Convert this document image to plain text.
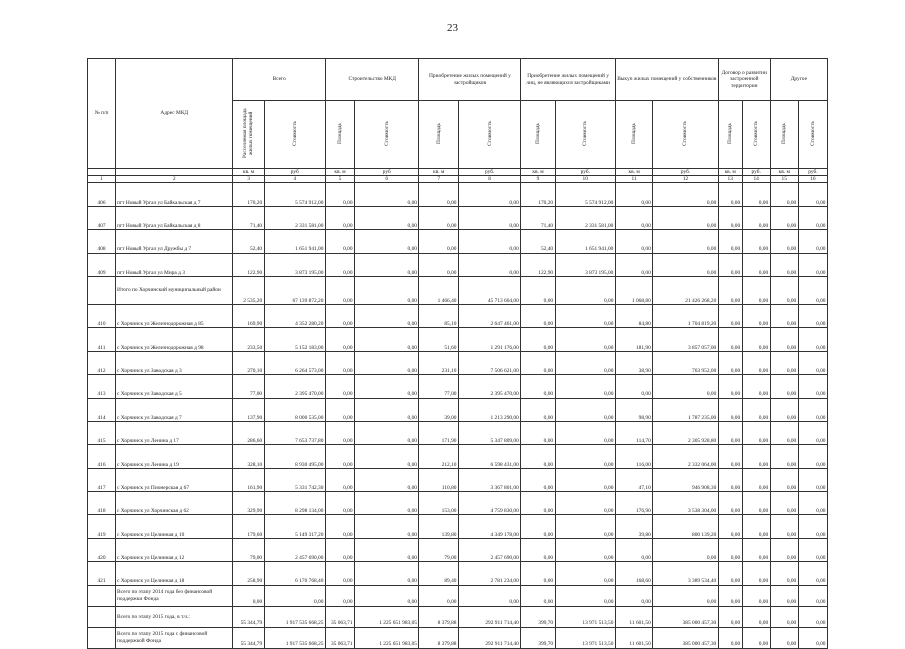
23
№ п/п	Адрес МКД	Всего		Строительство МКД		Приобретение жилых помещений у застройщиков		Приобретение жилых помещений у лиц, не являющихся застройщиками		Выкуп жилых помещений у собственников		Договор о развитии застроенной территории		Другое	
		Расселяемая площадь жилых помещений	Стоимость	Площадь	Стоимость	Площадь	Стоимость	Площадь	Стоимость	Площадь	Стоимость	Площадь	Стоимость	Площадь	Стоимость
		кв. м	руб	кв. м	руб	кв. м	руб.	кв. м	руб.	кв. м	руб.	кв. м	руб.	кв. м	руб.
1	2	3	4	5	6	7	8	9	10	11	12	13	14	15	16
406	пгт Новый Ургал ул Байкальская д 7	170,20	5 574 912,00	0,00	0,00	0,00	0,00	170,20	5 574 912,00	0,00	0,00	0,00	0,00	0,00	0,00
407	пгт Новый Ургал ул Байкальская д 8	71,40	2 331 581,00	0,00	0,00	0,00	0,00	71,40	2 331 581,00	0,00	0,00	0,00	0,00	0,00	0,00
408	пгт Новый Ургал ул Дружбы д 7	52,40	1 651 941,00	0,00	0,00	0,00	0,00	52,40	1 651 941,00	0,00	0,00	0,00	0,00	0,00	0,00
409	пгт Новый Ургал ул Мира д 3	122,90	3 873 195,00	0,00	0,00	0,00	0,00	122,90	3 873 195,00	0,00	0,00	0,00	0,00	0,00	0,00
	Итого по Хорчинский муниципальный район	2 535,20	67 139 872,20	0,00	0,00	1 466,40	45 713 604,00	0,00	0,00	1 068,80	21 426 268,20	0,00	0,00	0,00	0,00
410	с Хорчинск ул Железнодорожная д 85	169,90	4 352 280,20	0,00	0,00	85,10	2 647 461,00	0,00	0,00	84,80	1 704 819,20	0,00	0,00	0,00	0,00
411	с Хорчинск ул Железнодорожная д 98	233,50	5 152 183,00	0,00	0,00	51,60	1 291 176,00	0,00	0,00	181,90	3 857 057,00	0,00	0,00	0,00	0,00
412	с Хорчинск ул Заводская д 3	270,10	6 264 573,00	0,00	0,00	231,10	7 506 621,00	0,00	0,00	38,90	763 952,00	0,00	0,00	0,00	0,00
413	с Хорчинск ул Заводская д 5	77,00	2 395 470,00	0,00	0,00	77,00	2 395 470,00	0,00	0,00	0,00	0,00	0,00	0,00	0,00	0,00
414	с Хорчинск ул Заводская д 7	137,90	8 000 535,00	0,00	0,00	39,00	1 213 290,00	0,00	0,00	98,90	1 787 235,00	0,00	0,00	0,00	0,00
415	с Хорчинск ул Ленина д 17	286,60	7 653 737,80	0,00	0,00	171,90	5 347 809,00	0,00	0,00	114,70	2 305 928,80	0,00	0,00	0,00	0,00
416	с Хорчинск ул Ленина д 19	328,10	8 930 495,00	0,00	0,00	212,10	6 598 431,00	0,00	0,00	116,00	2 332 064,00	0,00	0,00	0,00	0,00
417	с Хорчинск ул Пионерская д 67	161,90	5 331 742,30	0,00	0,00	110,80	3 367 801,00	0,00	0,00	47,10	946 908,30	0,00	0,00	0,00	0,00
418	с Хорчинск ул Хорчинская д 62	329,90	8 298 134,00	0,00	0,00	153,00	4 759 830,00	0,00	0,00	176,90	3 538 304,00	0,00	0,00	0,00	0,00
419	с Хорчинск ул Целинная д 10	179,60	5 149 317,20	0,00	0,00	139,80	4 349 178,00	0,00	0,00	39,80	800 139,20	0,00	0,00	0,00	0,00
420	с Хорчинск ул Целинная д 12	79,00	2 457 690,00	0,00	0,00	79,00	2 457 690,00	0,00	0,00	0,00	0,00	0,00	0,00	0,00	0,00
421	с Хорчинск ул Целинная д 18	258,90	6 170 768,40	0,00	0,00	89,40	2 781 234,00	0,00	0,00	168,60	3 389 534,40	0,00	0,00	0,00	0,00
	Всего по этапу 2014 года без финансовой поддержки Фонда	0,00	0,00	0,00	0,00	0,00	0,00	0,00	0,00	0,00	0,00	0,00	0,00	0,00	0,00
	Всего по этапу 2015 года, в т.ч.:	55 344,79	1 917 535 668,25	35 063,71	1 225 651 983,05	8 379,88	292 911 714,40	399,70	13 971 513,50	11 601,50	385 000 457,30	0,00	0,00	0,00	0,00
	Всего по этапу 2015 года с финансовой поддержкой Фонда	55 344,79	1 917 535 668,25	35 063,71	1 225 651 983,05	8 379,88	292 911 714,40	399,70	13 971 513,50	11 601,50	385 000 457,30	0,00	0,00	0,00	0,00
